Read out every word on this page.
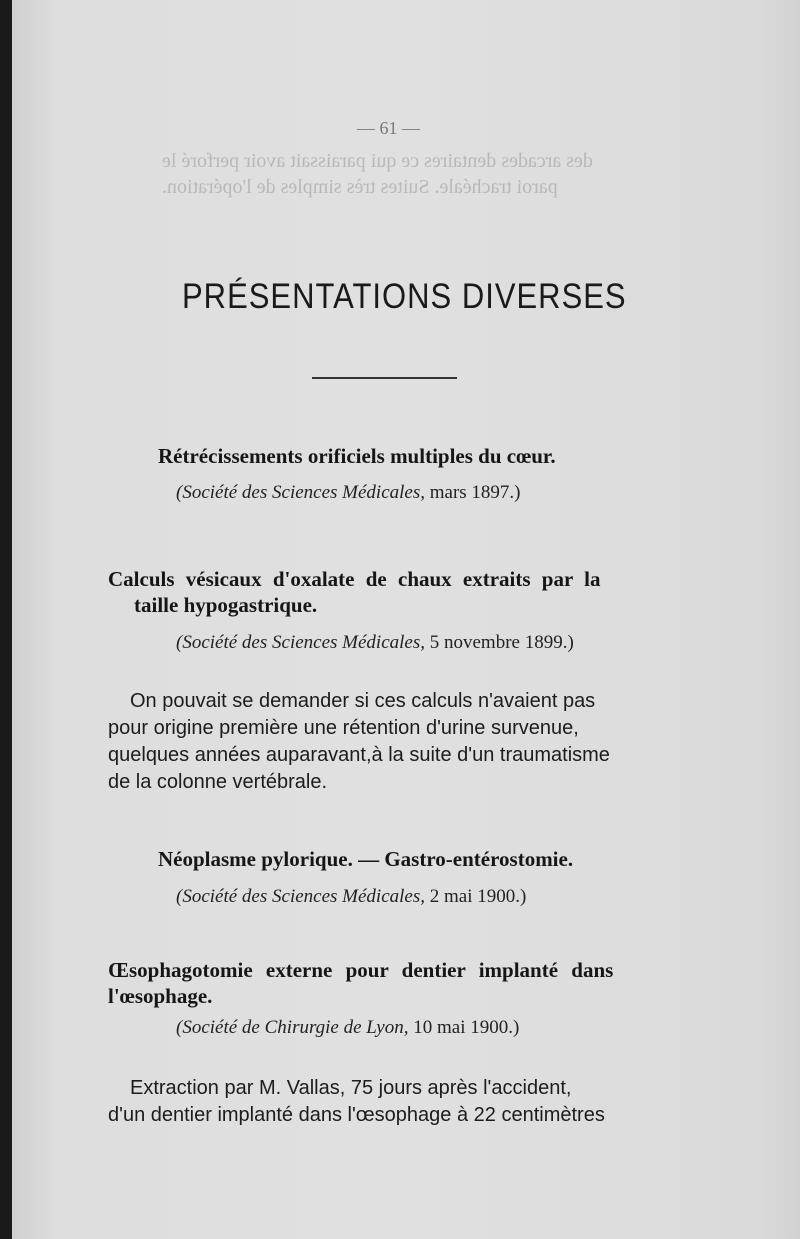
des arcades dentaires ce qui paraissait avoir perforé le
paroi trachéale. Suites très simples de l'opération.
— 61 —
PRÉSENTATIONS DIVERSES
Rétrécissements orificiels multiples du cœur.
(Société des Sciences Médicales, mars 1897.)
Calculs vésicaux d'oxalate de chaux extraits par la
taille hypogastrique.
(Société des Sciences Médicales, 5 novembre 1899.)
On pouvait se demander si ces calculs n'avaient pas
pour origine première une rétention d'urine survenue,
quelques années auparavant,à la suite d'un traumatisme
de la colonne vertébrale.
Néoplasme pylorique. — Gastro-entérostomie.
(Société des Sciences Médicales, 2 mai 1900.)
Œsophagotomie externe pour dentier implanté dans
l'œsophage.
(Société de Chirurgie de Lyon, 10 mai 1900.)
Extraction par M. Vallas, 75 jours après l'accident,
d'un dentier implanté dans l'œsophage à 22 centimètres
